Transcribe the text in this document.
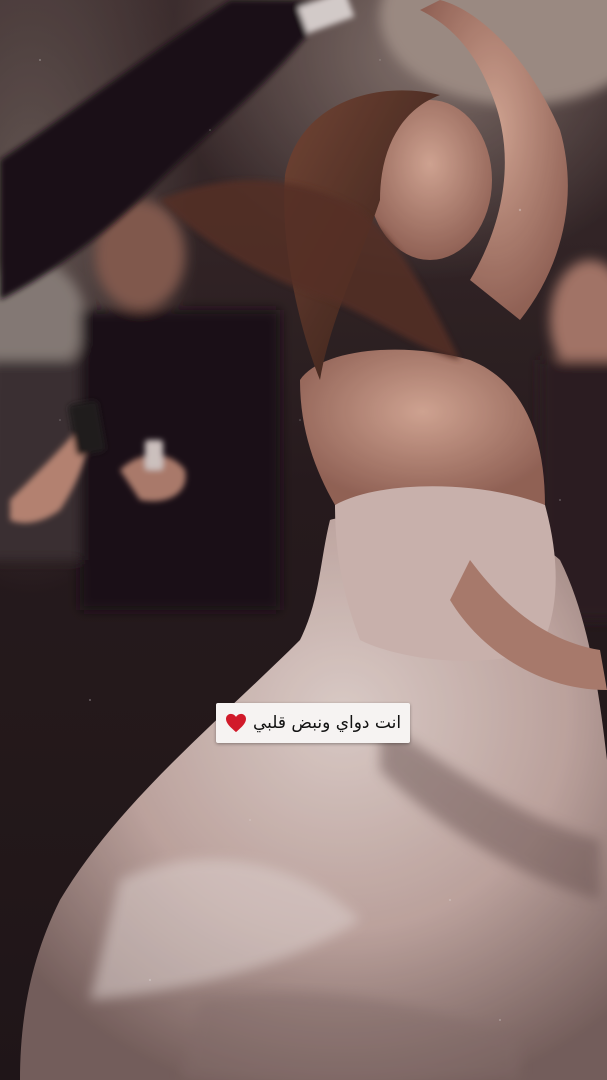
انت دواي ونبض قلبي
